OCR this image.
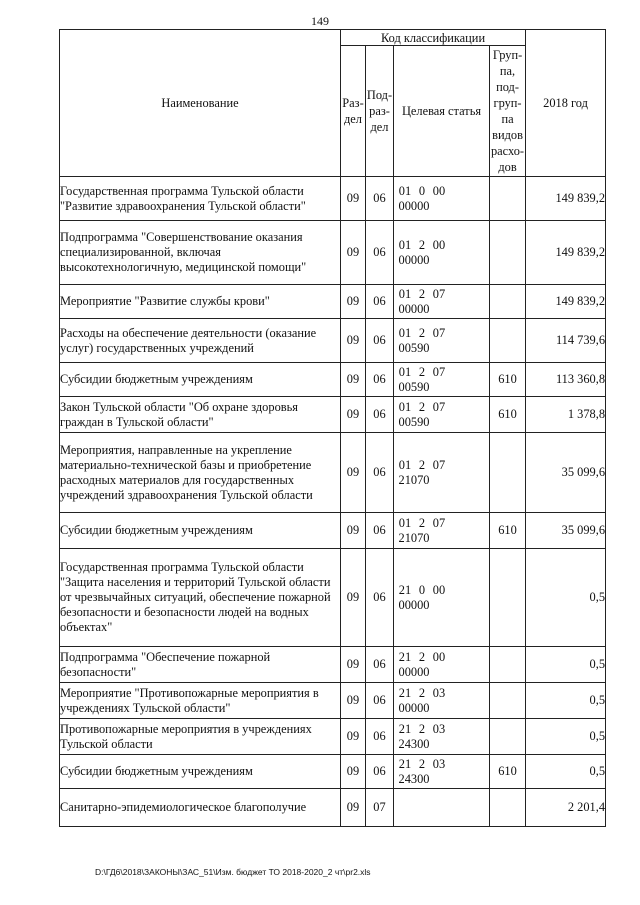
149
Наименование	Код классификации				2018 год
	Раз- дел	Под- раз- дел	Целевая статья	Груп- па, под- груп- па видов расхо- дов	
Государственная программа Тульской области "Развитие здравоохранения Тульской области"	09	06	01 0 0000000		149 839,2
Подпрограмма "Совершенствование оказания специализированной, включая высокотехнологичную, медицинской помощи"	09	06	01 2 0000000		149 839,2
Мероприятие "Развитие службы крови"	09	06	01 2 0700000		149 839,2
Расходы на обеспечение деятельности (оказание услуг) государственных учреждений	09	06	01 2 0700590		114 739,6
Субсидии бюджетным учреждениям	09	06	01 2 0700590	610	113 360,8
Закон Тульской области "Об охране здоровья граждан в Тульской области"	09	06	01 2 0700590	610	1 378,8
Мероприятия, направленные на укрепление материально-технической базы и приобретение расходных материалов для государственных учреждений здравоохранения Тульской области	09	06	01 2 0721070		35 099,6
Субсидии бюджетным учреждениям	09	06	01 2 0721070	610	35 099,6
Государственная программа Тульской области "Защита населения и территорий Тульской области от чрезвычайных ситуаций, обеспечение пожарной безопасности и безопасности людей на водных объектах"	09	06	21 0 0000000		0,5
Подпрограмма "Обеспечение пожарной безопасности"	09	06	21 2 0000000		0,5
Мероприятие "Противопожарные мероприятия в учреждениях Тульской области"	09	06	21 2 0300000		0,5
Противопожарные мероприятия в учреждениях Тульской области	09	06	21 2 0324300		0,5
Субсидии бюджетным учреждениям	09	06	21 2 0324300	610	0,5
Санитарно-эпидемиологическое благополучие	09	07			2 201,4
D:\ГД6\2018\ЗАКОНЫ\ЗАС_51\Изм. бюджет ТО 2018-2020_2 чт\pr2.xls
